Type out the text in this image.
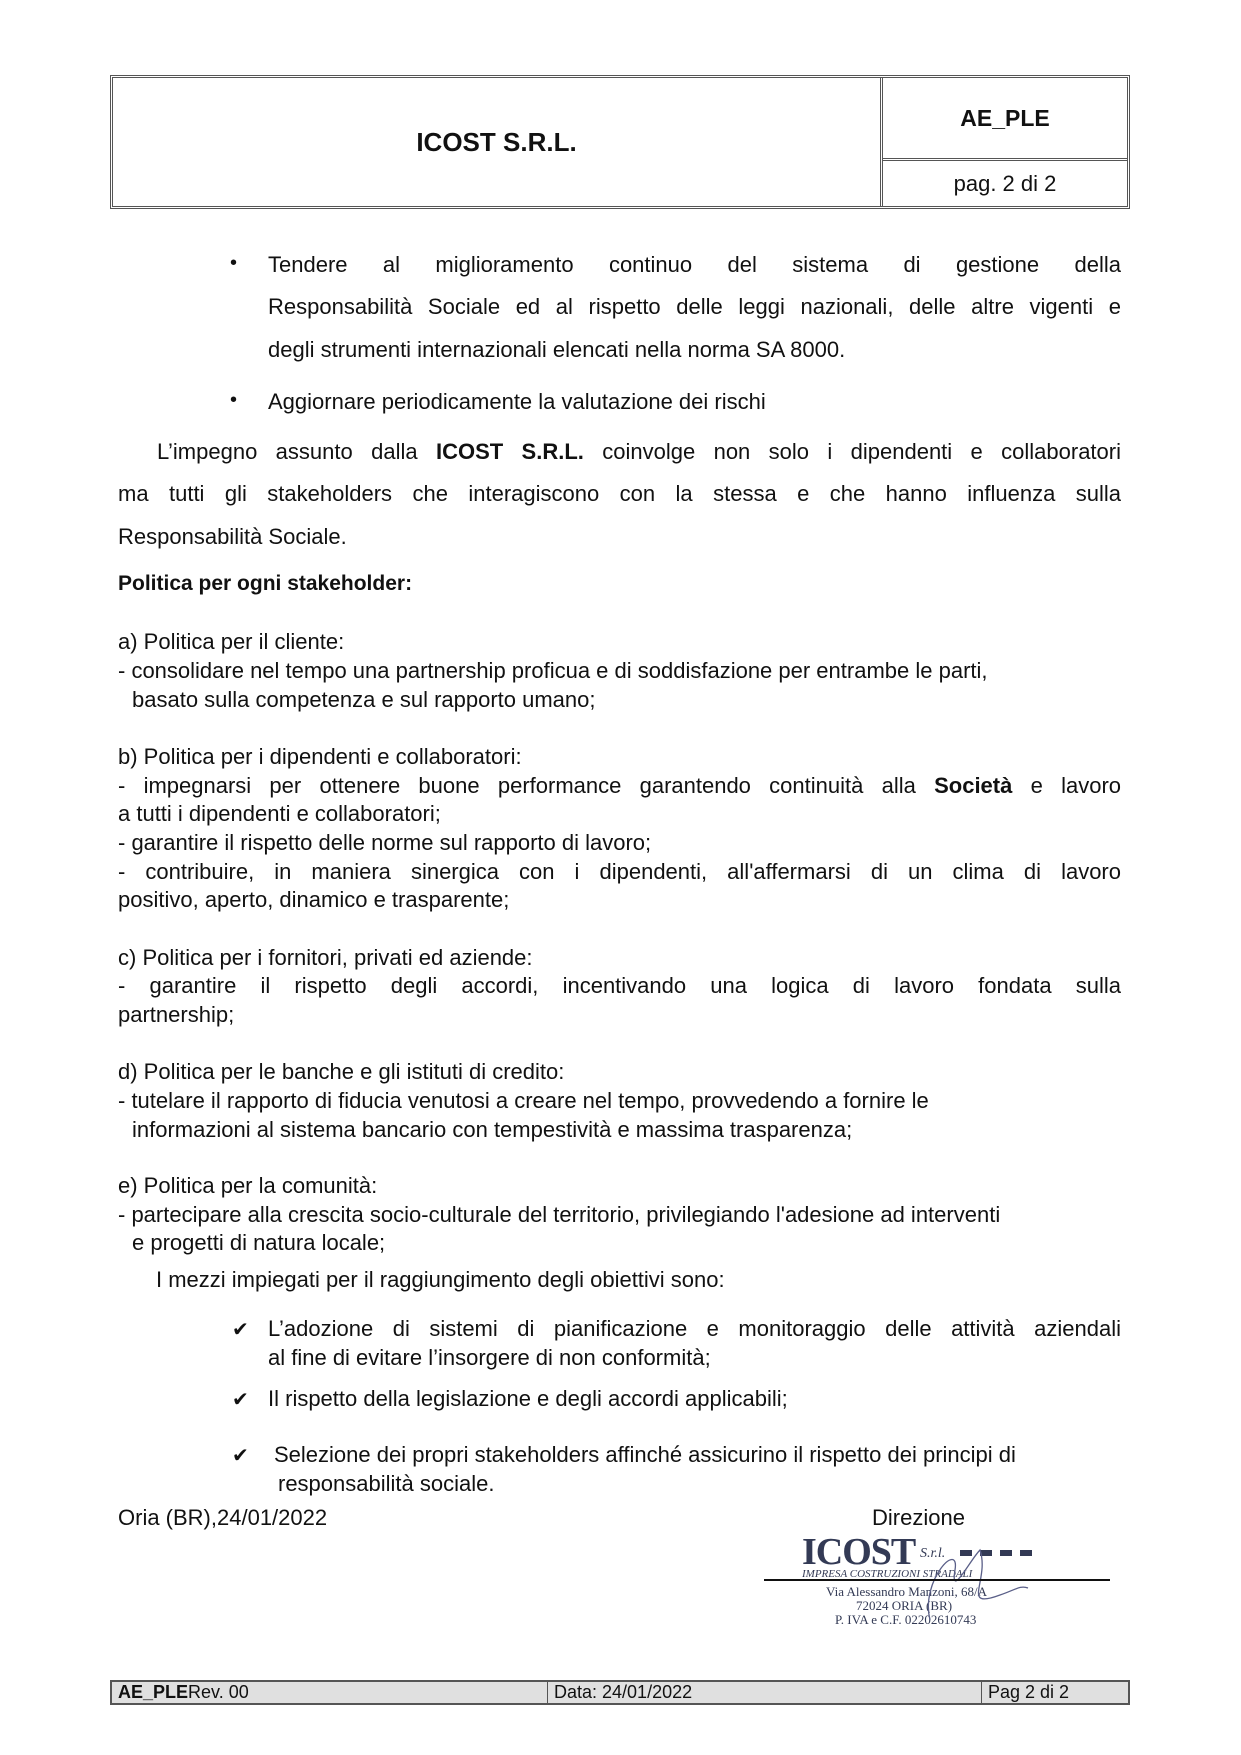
ICOST S.R.L.
AE_PLE
pag. 2 di 2
• Tendere al miglioramento continuo del sistema di gestione della
Responsabilità Sociale ed al rispetto delle leggi nazionali, delle altre vigenti e
degli strumenti internazionali elencati nella norma SA 8000.
• Aggiornare periodicamente la valutazione dei rischi
L’impegno assunto dalla ICOST S.R.L. coinvolge non solo i dipendenti e collaboratori
ma tutti gli stakeholders che interagiscono con la stessa e che hanno influenza sulla
Responsabilità Sociale.
Politica per ogni stakeholder:
a) Politica per il cliente:
- consolidare nel tempo una partnership proficua e di soddisfazione per entrambe le parti,
basato sulla competenza e sul rapporto umano;
b) Politica per i dipendenti e collaboratori:
- impegnarsi per ottenere buone performance garantendo continuità alla Società e lavoro
a tutti i dipendenti e collaboratori;
- garantire il rispetto delle norme sul rapporto di lavoro;
- contribuire, in maniera sinergica con i dipendenti, all'affermarsi di un clima di lavoro
positivo, aperto, dinamico e trasparente;
c) Politica per i fornitori, privati ed aziende:
- garantire il rispetto degli accordi, incentivando una logica di lavoro fondata sulla
partnership;
d) Politica per le banche e gli istituti di credito:
- tutelare il rapporto di fiducia venutosi a creare nel tempo, provvedendo a fornire le
informazioni al sistema bancario con tempestività e massima trasparenza;
e) Politica per la comunità:
- partecipare alla crescita socio-culturale del territorio, privilegiando l'adesione ad interventi
e progetti di natura locale;
I mezzi impiegati per il raggiungimento degli obiettivi sono:
✔ L’adozione di sistemi di pianificazione e monitoraggio delle attività aziendali
al fine di evitare l’insorgere di non conformità;
✔ Il rispetto della legislazione e degli accordi applicabili;
✔ Selezione dei propri stakeholders affinché assicurino il rispetto dei principi di
responsabilità sociale.
Oria (BR),24/01/2022	Direzione
ICOST S.r.l.
IMPRESA COSTRUZIONI STRADALI
Via Alessandro Manzoni, 68/A
72024 ORIA (BR)
P. IVA e C.F. 02202610743
AE_PLE Rev. 00	Data: 24/01/2022	Pag 2 di 2
